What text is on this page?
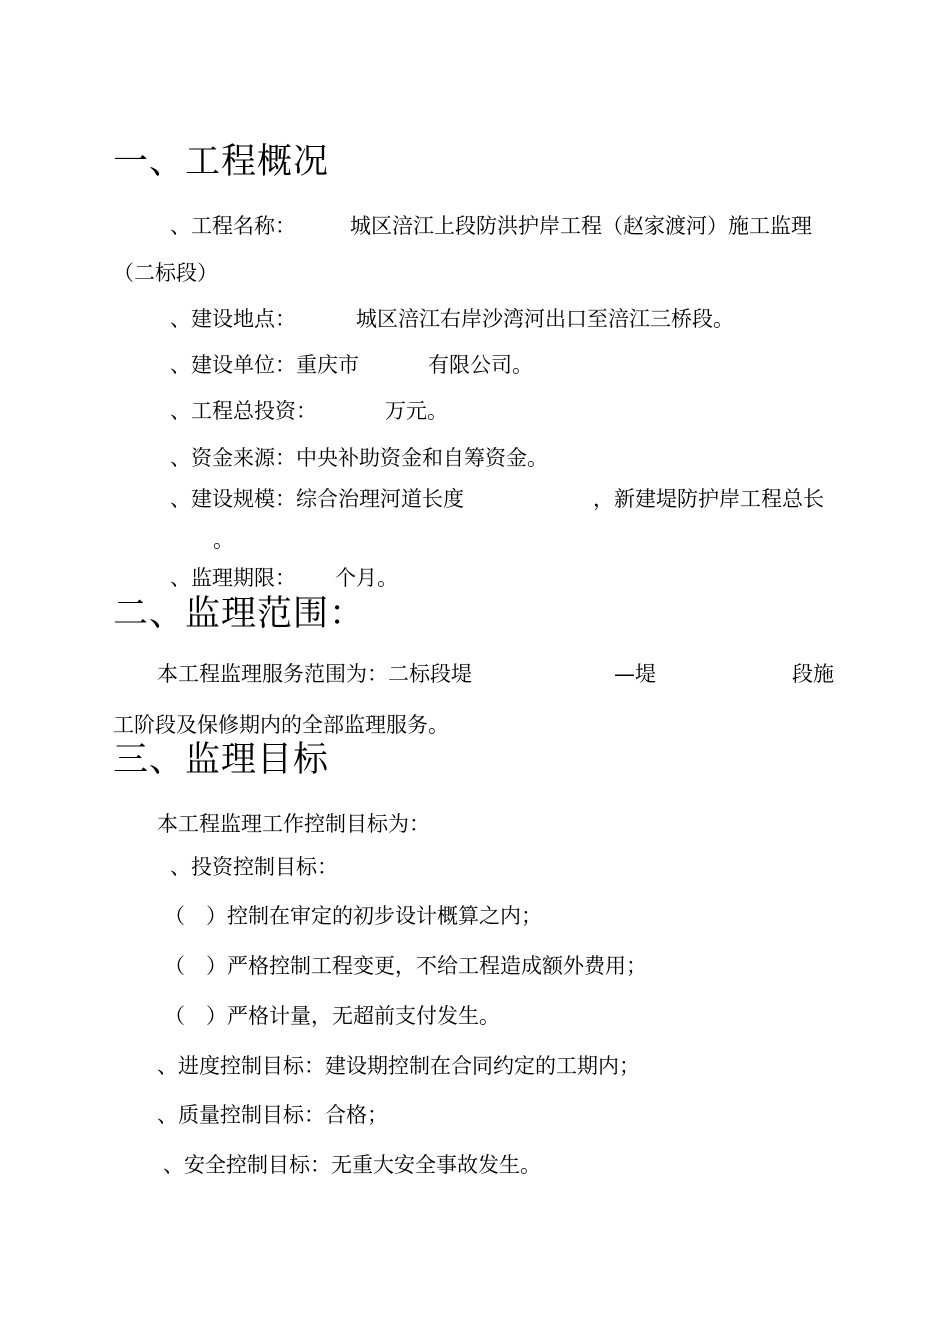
一、工程概况
、工程名称：	城区涪江上段防洪护岸工程（赵家渡河）施工监理
（二标段）
、建设地点：	城区涪江右岸沙湾河出口至涪江三桥段。
、建设单位：重庆市	有限公司。
、工程总投资：	万元。
、资金来源：中央补助资金和自筹资金。
、建设规模：综合治理河道长度	，新建堤防护岸工程总长
。
、监理期限： 个月。
二、监理范围：
本工程监理服务范围为：二标段堤	—堤	段施
工阶段及保修期内的全部监理服务。
三、监理目标
本工程监理工作控制目标为：
、投资控制目标：
（　）控制在审定的初步设计概算之内；
（　）严格控制工程变更，不给工程造成额外费用；
（　）严格计量，无超前支付发生。
、进度控制目标：建设期控制在合同约定的工期内；
、质量控制目标：合格；
、安全控制目标：无重大安全事故发生。
